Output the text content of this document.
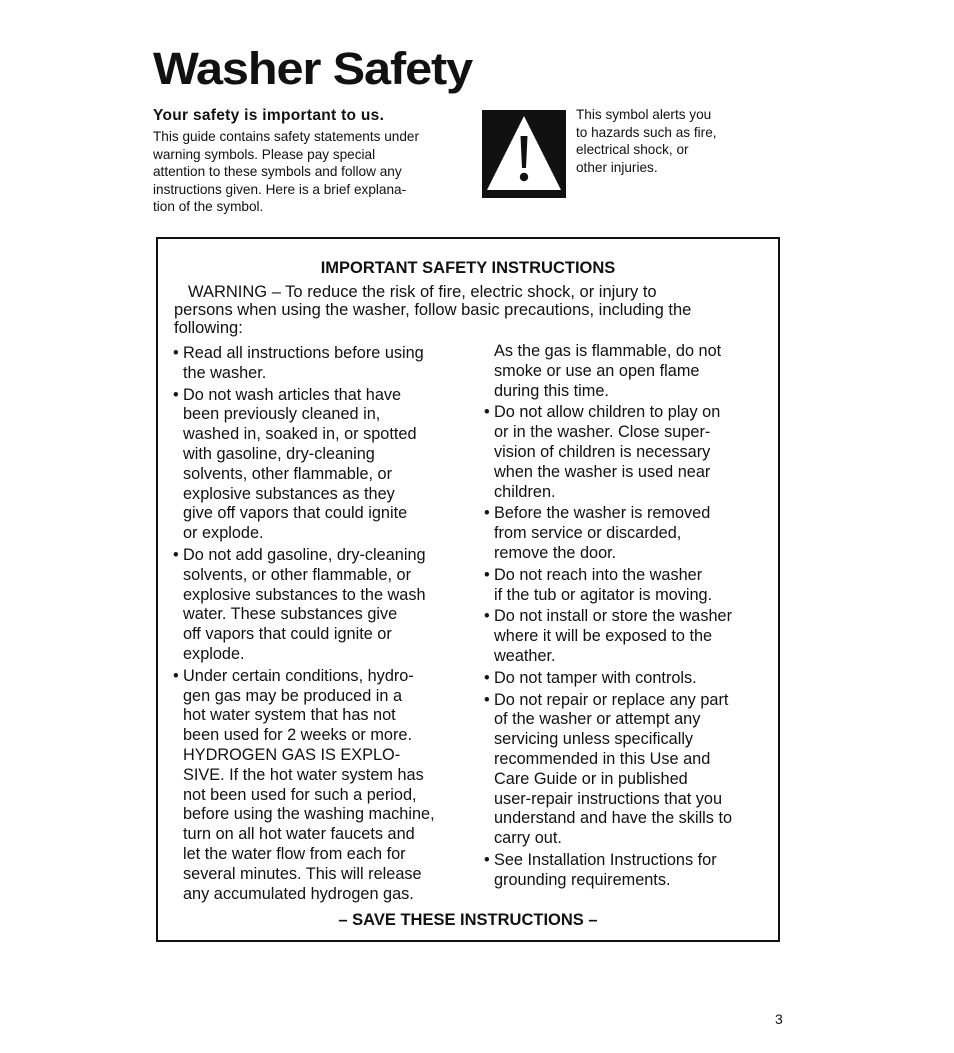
Washer Safety
Your safety is important to us.
This guide contains safety statements under
warning symbols. Please pay special
attention to these symbols and follow any
instructions given. Here is a brief explana-
tion of the symbol.
This symbol alerts you
to hazards such as fire,
electrical shock, or
other injuries.
IMPORTANT SAFETY INSTRUCTIONS

WARNING – To reduce the risk of fire, electric shock, or injury to

persons when using the washer, follow basic precautions, including the

following:

• Read all instructions before using
the washer.
• Do not wash articles that have
been previously cleaned in,
washed in, soaked in, or spotted
with gasoline, dry-cleaning
solvents, other flammable, or
explosive substances as they
give off vapors that could ignite
or explode.
• Do not add gasoline, dry-cleaning
solvents, or other flammable, or
explosive substances to the wash
water. These substances give
off vapors that could ignite or
explode.
• Under certain conditions, hydro-
gen gas may be produced in a
hot water system that has not
been used for 2 weeks or more.
HYDROGEN GAS IS EXPLO-
SIVE. If the hot water system has
not been used for such a period,
before using the washing machine,
turn on all hot water faucets and
let the water flow from each for
several minutes. This will release
any accumulated hydrogen gas.
As the gas is flammable, do not
smoke or use an open flame
during this time.
• Do not allow children to play on
or in the washer. Close super-
vision of children is necessary
when the washer is used near
children.
• Before the washer is removed
from service or discarded,
remove the door.
• Do not reach into the washer
if the tub or agitator is moving.
• Do not install or store the washer
where it will be exposed to the
weather.
• Do not tamper with controls.
• Do not repair or replace any part
of the washer or attempt any
servicing unless specifically
recommended in this Use and
Care Guide or in published
user-repair instructions that you
understand and have the skills to
carry out.
• See Installation Instructions for
grounding requirements.
– SAVE THESE INSTRUCTIONS –
3
